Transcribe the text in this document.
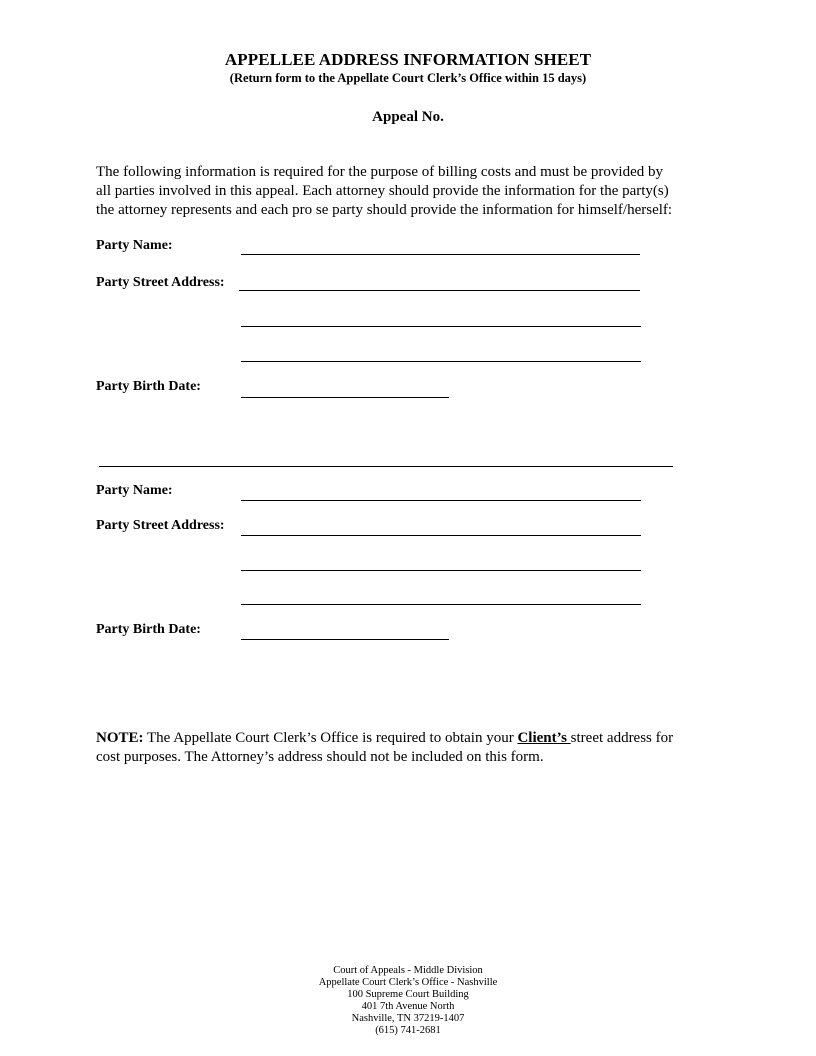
APPELLEE ADDRESS INFORMATION SHEET
(Return form to the Appellate Court Clerk’s Office within 15 days)
Appeal No.
The following information is required for the purpose of billing costs and must be provided by
all parties involved in this appeal. Each attorney should provide the information for the party(s)
the attorney represents and each pro se party should provide the information for himself/herself:
Party Name:
Party Street Address:
Party Birth Date:
Party Name:
Party Street Address:
Party Birth Date:
NOTE: The Appellate Court Clerk’s Office is required to obtain your Client’s street address for
cost purposes. The Attorney’s address should not be included on this form.
Court of Appeals - Middle Division
Appellate Court Clerk’s Office - Nashville
100 Supreme Court Building
401 7th Avenue North
Nashville, TN 37219-1407
(615) 741-2681
